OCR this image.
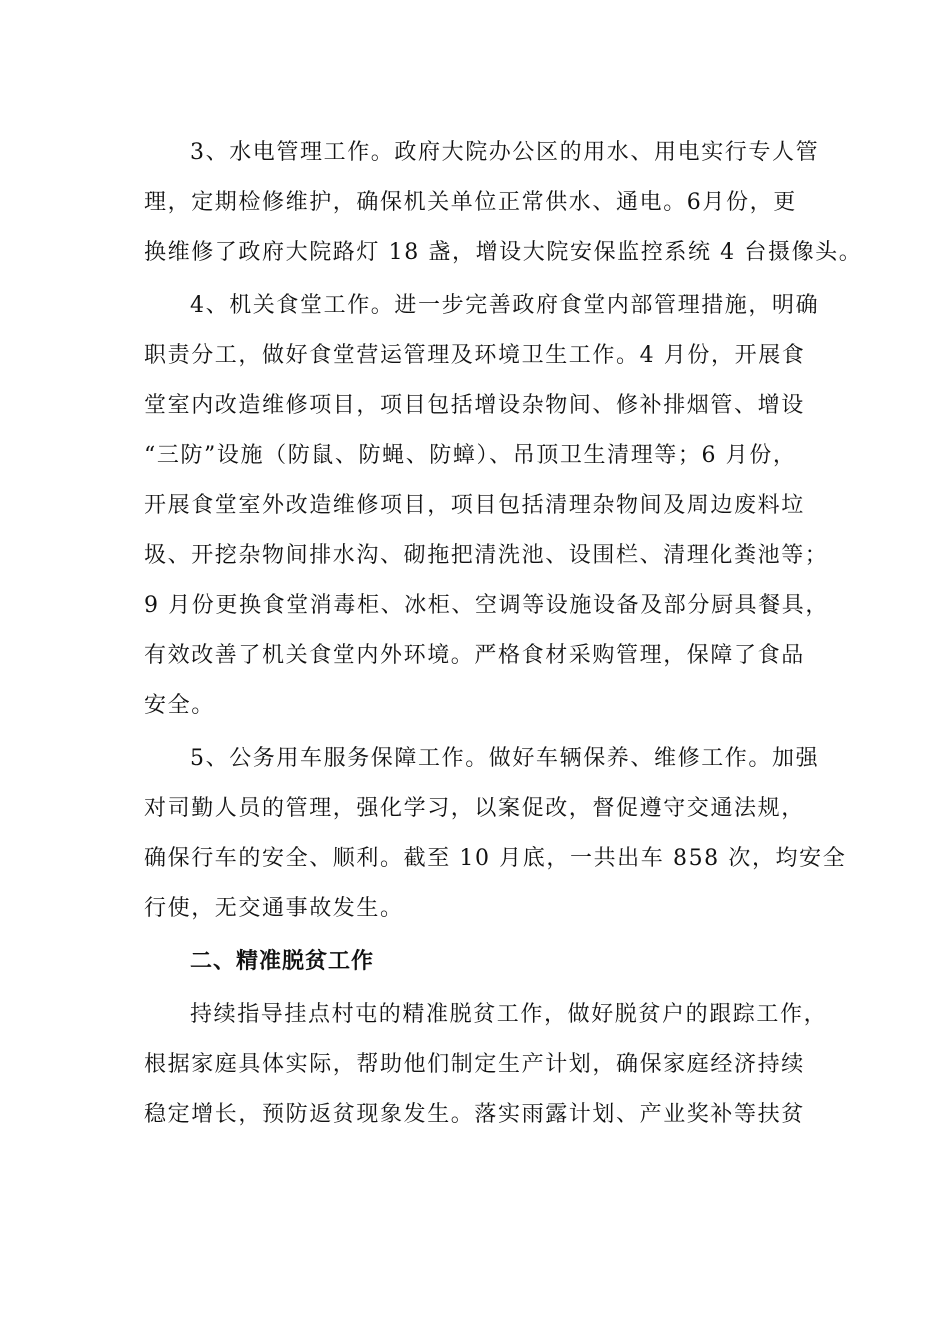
3、水电管理工作。政府大院办公区的用水、用电实行专人管
理，定期检修维护，确保机关单位正常供水、通电。6月份，更
换维修了政府大院路灯 18 盏，增设大院安保监控系统 4 台摄像头。
4、机关食堂工作。进一步完善政府食堂内部管理措施，明确
职责分工，做好食堂营运管理及环境卫生工作。4 月份，开展食
堂室内改造维修项目，项目包括增设杂物间、修补排烟管、增设
“三防”设施（防鼠、防蝇、防蟑）、吊顶卫生清理等；6 月份，
开展食堂室外改造维修项目，项目包括清理杂物间及周边废料垃
圾、开挖杂物间排水沟、砌拖把清洗池、设围栏、清理化粪池等；
9 月份更换食堂消毒柜、冰柜、空调等设施设备及部分厨具餐具，
有效改善了机关食堂内外环境。严格食材采购管理，保障了食品
安全。
5、公务用车服务保障工作。做好车辆保养、维修工作。加强
对司勤人员的管理，强化学习，以案促改，督促遵守交通法规，
确保行车的安全、顺利。截至 10 月底，一共出车 858 次，均安全
行使，无交通事故发生。
二、精准脱贫工作
持续指导挂点村屯的精准脱贫工作，做好脱贫户的跟踪工作，
根据家庭具体实际，帮助他们制定生产计划，确保家庭经济持续
稳定增长，预防返贫现象发生。落实雨露计划、产业奖补等扶贫
